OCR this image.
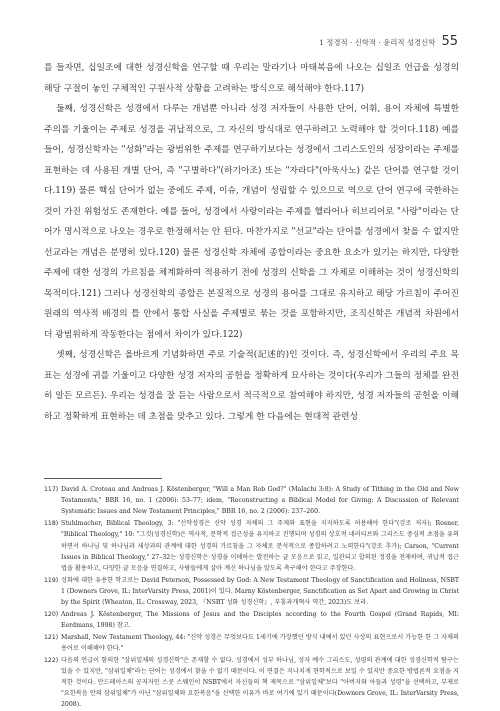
1 정경적 · 신학적 · 윤리적 성경신학 55

를 들자면, 십일조에 대한 성경신학을 연구할 때 우리는 말라기나 마태복음에 나오는 십일조 언급을 성경의 해당 구절이 놓인 구체적인 구원사적 상황을 고려하는 방식으로 해석해야 한다.117)

둘째, 성경신학은 성경에서 다루는 개념뿐 아니라 성경 저자들이 사용한 단어, 어휘, 용어 자체에 특별한 주의를 기울이는 주제로 성경을 귀납적으로, 그 자신의 방식대로 연구하려고 노력해야 할 것이다.118) 예를 들어, 성경신학자는 "성화"라는 광범위한 주제를 연구하기보다는 성경에서 그리스도인의 성장이라는 주제를 표현하는 데 사용된 개별 단어, 즉 "구별하다"(하기아조) 또는 "자라다"(아욱사노) 같은 단어를 연구할 것이다.119) 물론 핵심 단어가 없는 중에도 주제, 이슈, 개념이 성립할 수 있으므로 역으로 단어 연구에 국한하는 것이 가진 위험성도 존재한다. 예를 들어, 성경에서 사랑이라는 주제를 헬라어나 히브리어로 "사랑"이라는 단어가 명시적으로 나오는 경우로 한정해서는 안 된다. 마찬가지로 "선교"라는 단어를 성경에서 찾을 수 없지만 선교라는 개념은 분명히 있다.120) 물론 성경신학 자체에 종합이라는 중요한 요소가 있기는 하지만, 다양한 주제에 대한 성경의 가르침을 체계화하여 적용하기 전에 성경의 신학을 그 자체로 이해하는 것이 성경신학의 목적이다.121) 그러나 성경신학의 종합은 본질적으로 성경의 용어를 그대로 유지하고 해당 가르침이 주어진 원래의 역사적 배경의 틀 안에서 통합 사실을 주제별로 묶는 것을 포함하지만, 조직신학은 개념적 차원에서 더 광범위하게 작동한다는 점에서 차이가 있다.122)

셋째, 성경신학은 올바르게 기념화하면 주로 기술적(記述的)인 것이다. 즉, 성경신학에서 우리의 주요 목표는 성경에 귀를 기울이고 다양한 성경 저자의 공헌을 정확하게 묘사하는 것이다(우리가 그들의 정체를 완전히 알든 모르든). 우리는 성경을 잘 듣는 사람으로서 적극적으로 참여해야 하지만, 성경 저자들의 공헌을 이해하고 정확하게 표현하는 데 초점을 맞추고 있다. 그렇게 한 다음에는 현대적 관련성

117) David A. Croteau and Andreas J. Köstenberger, "Will a Man Rob God?" (Malachi 3:8): A Study of Tithing in the Old and New Testaments," BBR 16, no. 1 (2006): 53–77; idem, "Reconstructing a Biblical Model for Giving: A Discussion of Relevant Systematic Issues and New Testament Principles," BBR 16, no. 2 (2006): 237–260.
118) Stuhlmacher, Biblical Theology, 3: "신약성경은 신약 성경 자체의 그 주제와 표현을 지지하도록 허용해야 한다"(강조 저자); Rosner, "Biblical Theology," 10: "그것(성경신학)은 역사적, 문학적 접근성을 유지하고 진행되며 성경의 상호적 네러티브와 그리스도 중심적 초점을 유의하면서 하나님 및 하나님과 세상과의 관계에 대한 성경의 가르침을 그 자체로 분석적으로 종합하려고 노력한다"(강조 추가); Carson, "Current Issues in Biblical Theology," 27–32는 성경신학은 성경을 이해하는 발전하는 글 모음으로 읽고, 일관되고 합의된 정경을 전제하며, 귀납적 접근법을 활용하고, 다양한 글 모음을 연결하고, 사람들에게 살아 계신 하나님을 알도록 촉구해야 한다고 주장한다.
119) 성화에 대한 유용한 학고로는 David Peterson, Possessed by God: A New Testament Theology of Sanctification and Holiness, NSBT 1 (Downers Grove, IL: InterVarsity Press, 2001)이 있다. Marny Köstenberger, Sanctification as Set Apart and Growing in Christ by the Spirit (Wheaton, IL: Crossway, 2023, 『NSBT 성화 성경신학』, 부흥과개혁사 역간, 2023)도 보라.
120) Andreas J. Köstenberger, The Missions of Jesus and the Disciples according to the Fourth Gospel (Grand Rapids, MI: Eerdmans, 1998) 참고.
121) Marshall, New Testament Theology, 44: "신약 성경은 무엇보다도 1세기에 가장했던 방식 내에서 있던 사상의 표현으로서 가능한 한 그 자체의 용어로 이해해야 한다."
122) 다음의 언급이 함의한 "삼위일체의 성경신학"은 존재할 수 없다. 성경에서 성부 하나님, 성자 예수 그리스도, 성령의 관계에 대한 성경신학적 탐구는 있을 수 있지만, "삼위일체"라는 단어는 성경에서 찾을 수 없기 때문이다. 이 연결은 지나치게 현학적으로 보일 수 있지만 중요한 방법론적 요점을 지적한 것이다. 안드레아스의 공저자인 스콧 스웨인이 NSBT에서 자신들의 책 제목으로 "삼위일체"보다 "아버지와 아들과 성령"을 선택하고, 부제로 "요한복음 안의 삼위일체"가 아닌 "삼위일체와 요한복음"을 선택한 이유가 바로 여기에 있기 때문이다(Downers Grove, IL: InterVarsity Press, 2008).
